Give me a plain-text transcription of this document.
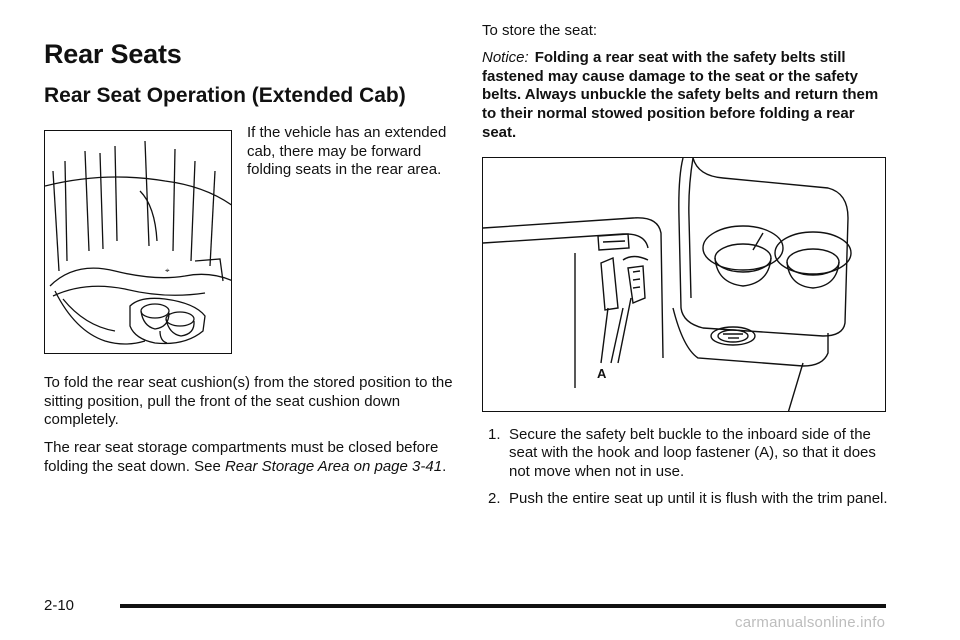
Rear Seats
Rear Seat Operation (Extended Cab)
⌖

If the vehicle has an extended cab, there may be forward folding seats in the rear area.

To fold the rear seat cushion(s) from the stored position to the sitting position, pull the front of the seat cushion down completely.

The rear seat storage compartments must be closed before folding the seat down. See Rear Storage Area on page 3-41.

To store the seat:

Notice: Folding a rear seat with the safety belts still fastened may cause damage to the seat or the safety belts. Always unbuckle the safety belts and return them to their normal stowed position before folding a rear seat.

A
1. Secure the safety belt buckle to the inboard side of the seat with the hook and loop fastener (A), so that it does not move when not in use.
2. Push the entire seat up until it is flush with the trim panel.
2-10
carmanualsonline.info
